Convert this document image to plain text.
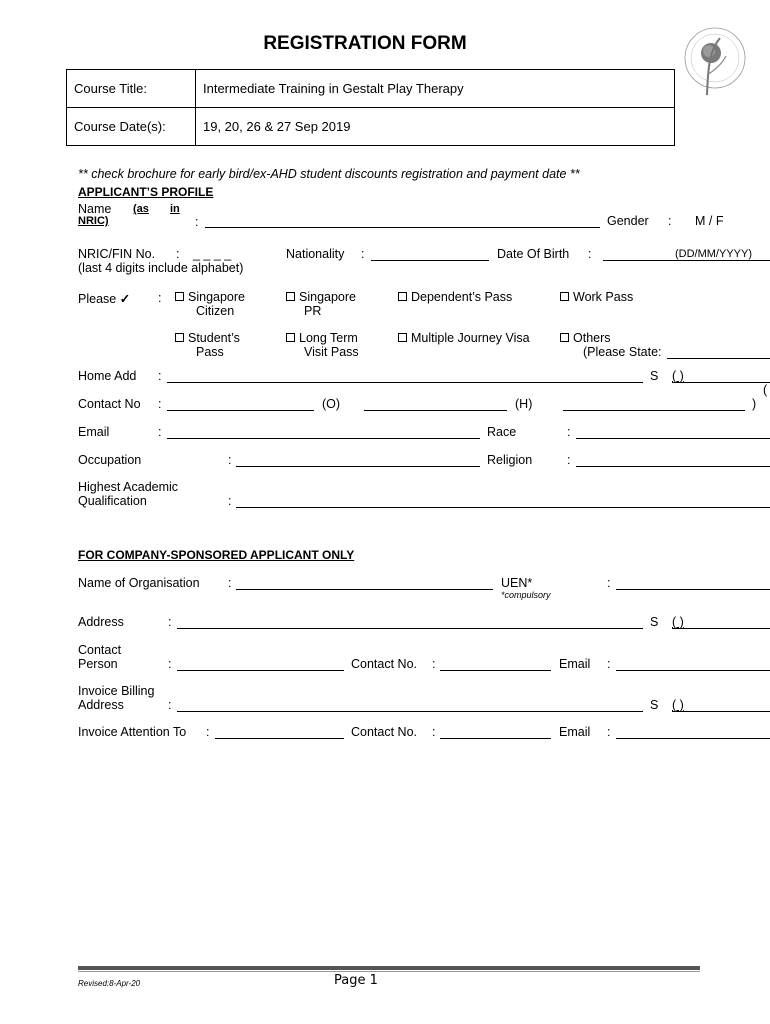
REGISTRATION FORM
Course Title:	Intermediate Training in Gestalt Play Therapy
Course Date(s):	19, 20, 26 & 27 Sep 2019
** check brochure for early bird/ex-AHD student discounts registration and payment date **
APPLICANT’S PROFILE
Name (as in
NRIC)	:	Gender : M / F
NRIC/FIN No. : _ _ _ _
(last 4 digits include alphabet)
Nationality :	Date Of Birth :	(DD/MM/YYYY)
Please ✓ :	Singapore
Citizen
Singapore
PR
Dependent’s Pass	Work Pass
Student’s
Pass
Long Term
Visit Pass
Multiple Journey Visa	Others
(Please State:
Home Add :	S ( )
(
Contact No :	(O)	(H)	)
Email	:	Race	:
Occupation	:	Religion	:
Highest Academic
Qualification	:
FOR COMPANY-SPONSORED APPLICANT ONLY
Name of Organisation :	UEN*
*compulsory
:
Address	:	S ( )
Contact
Person	:	Contact No. :	Email :
Invoice Billing
Address	:	S ( )
Invoice Attention To :	Contact No. :	Email :
Revised:8-Apr-20	Page 1
